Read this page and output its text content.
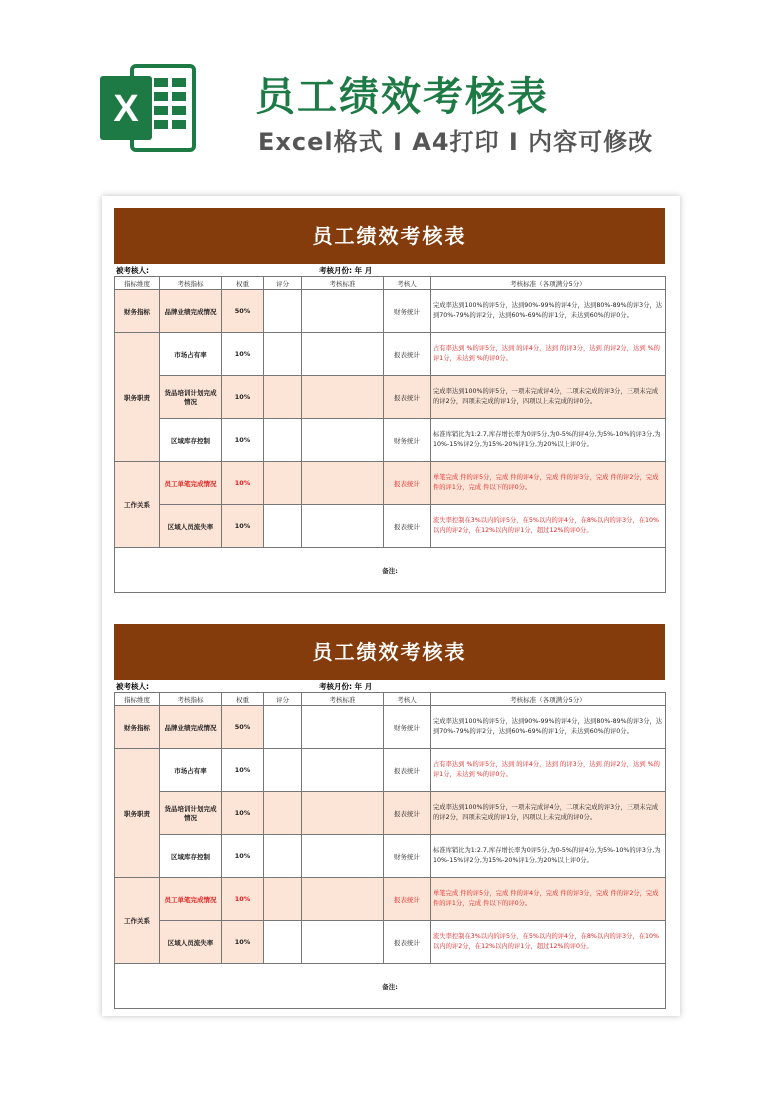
X	员工绩效考核表
Excel格式 I A4打印 I 内容可修改
员工绩效考核表
被考核人:	考核月份: 年 月
指标维度	考核指标	权重	评分	考核标准	考核人	考核标准（各项满分5分）
财务指标	品牌业绩完成情况	50%			财务统计	完成率达到100%的评5分，达到90%-99%的评4分，达到80%-89%的评3分，达到70%-79%的评2分，达到60%-69%的评1分，未达到60%的评0分。
职务职责	市场占有率	10%			报表统计	占有率达到 %的评5分，达到 的评4分，达到 的评3分，达到 的评2分，达到 %的评1分，未达到 %的评0分。
	货品培训计划完成情况	10%			报表统计	完成率达到100%的评5分，一项未完成评4分，二项未完成的评3分，三项未完成的评2分，四项未完成的评1分，四项以上未完成的评0分。
	区域库存控制	10%			财务统计	标准库销比为1:2.7,库存增长率为0评5分,为0-5%的评4分,为5%-10%的评3分,为10%-15%评2分,为15%-20%评1分,为20%以上评0分。
工作关系	员工单笔完成情况	10%			报表统计	单笔完成 件的评5分，完成 件的评4分，完成 件的评3分，完成 件的评2分，完成 件的评1分，完成 件以下的评0分。
	区域人员流失率	10%			报表统计	流失率控制在3%以内的评5分，在5%以内的评4分，在8%以内的评3分，在10%以内的评2分，在12%以内的评1分，超过12%的评0分。
备注:						
员工绩效考核表
被考核人:	考核月份: 年 月
指标维度	考核指标	权重	评分	考核标准	考核人	考核标准（各项满分5分）
财务指标	品牌业绩完成情况	50%			财务统计	完成率达到100%的评5分，达到90%-99%的评4分，达到80%-89%的评3分，达到70%-79%的评2分，达到60%-69%的评1分，未达到60%的评0分。
职务职责	市场占有率	10%			报表统计	占有率达到 %的评5分，达到 的评4分，达到 的评3分，达到 的评2分，达到 %的评1分，未达到 %的评0分。
	货品培训计划完成情况	10%			报表统计	完成率达到100%的评5分，一项未完成评4分，二项未完成的评3分，三项未完成的评2分，四项未完成的评1分，四项以上未完成的评0分。
	区域库存控制	10%			财务统计	标准库销比为1:2.7,库存增长率为0评5分,为0-5%的评4分,为5%-10%的评3分,为10%-15%评2分,为15%-20%评1分,为20%以上评0分。
工作关系	员工单笔完成情况	10%			报表统计	单笔完成 件的评5分，完成 件的评4分，完成 件的评3分，完成 件的评2分，完成 件的评1分，完成 件以下的评0分。
	区域人员流失率	10%			报表统计	流失率控制在3%以内的评5分，在5%以内的评4分，在8%以内的评3分，在10%以内的评2分，在12%以内的评1分，超过12%的评0分。
备注:						
